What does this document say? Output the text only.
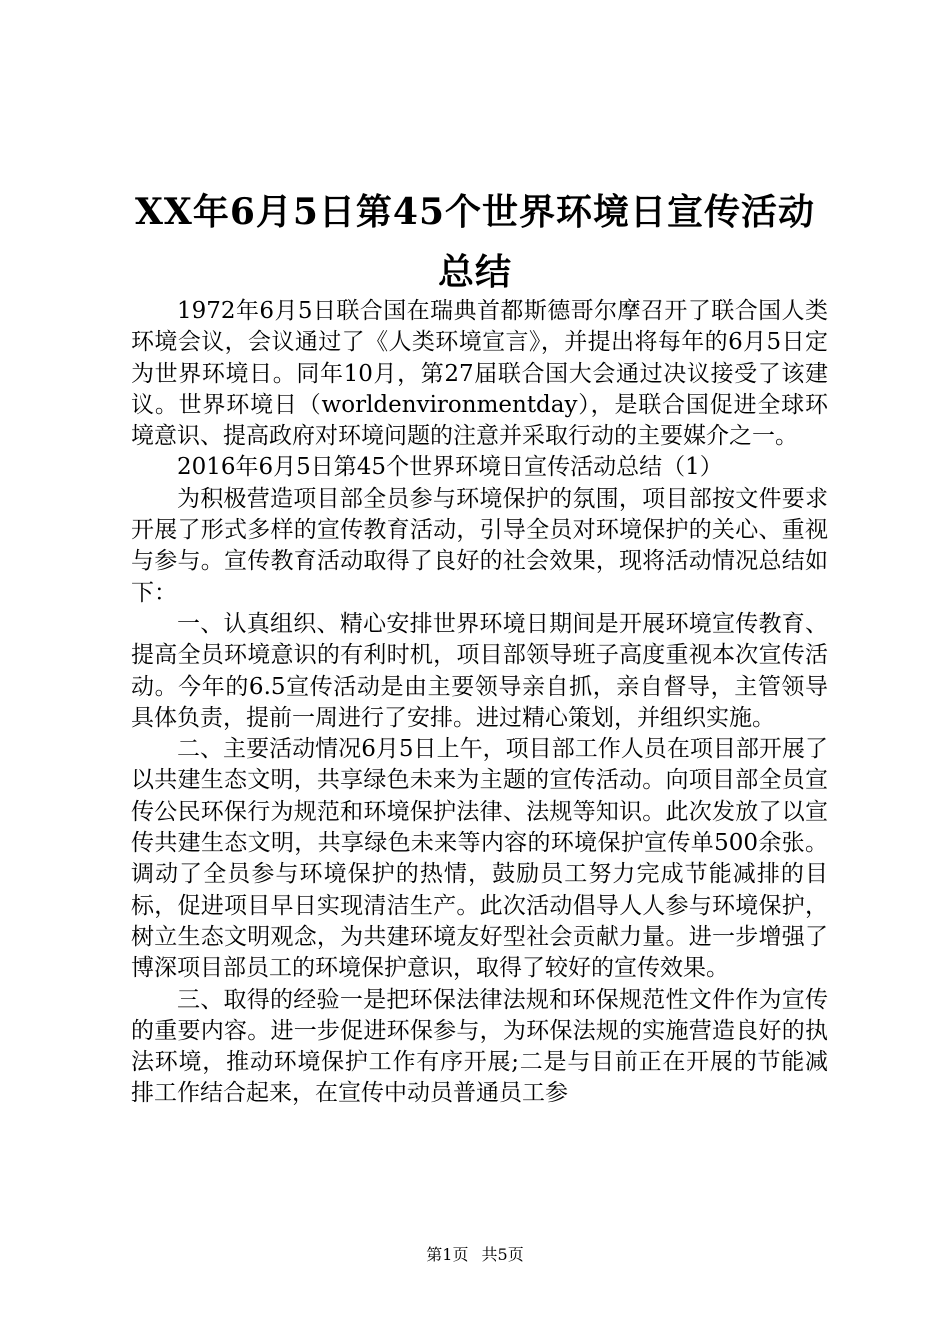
XX年6月5日第45个世界环境日宣传活动总结

1972年6月5日联合国在瑞典首都斯德哥尔摩召开了联合国人类环境会议，会议通过了《人类环境宣言》，并提出将每年的6月5日定为世界环境日。同年10月，第27届联合国大会通过决议接受了该建议。世界环境日（worldenvironmentday），是联合国促进全球环境意识、提高政府对环境问题的注意并采取行动的主要媒介之一。

2016年6月5日第45个世界环境日宣传活动总结（1）

为积极营造项目部全员参与环境保护的氛围，项目部按文件要求开展了形式多样的宣传教育活动，引导全员对环境保护的关心、重视与参与。宣传教育活动取得了良好的社会效果，现将活动情况总结如下：

一、认真组织、精心安排世界环境日期间是开展环境宣传教育、提高全员环境意识的有利时机，项目部领导班子高度重视本次宣传活动。今年的6.5宣传活动是由主要领导亲自抓，亲自督导，主管领导具体负责，提前一周进行了安排。进过精心策划，并组织实施。

二、主要活动情况6月5日上午，项目部工作人员在项目部开展了以共建生态文明，共享绿色未来为主题的宣传活动。向项目部全员宣传公民环保行为规范和环境保护法律、法规等知识。此次发放了以宣传共建生态文明，共享绿色未来等内容的环境保护宣传单500余张。调动了全员参与环境保护的热情，鼓励员工努力完成节能减排的目标，促进项目早日实现清洁生产。此次活动倡导人人参与环境保护，树立生态文明观念，为共建环境友好型社会贡献力量。进一步增强了博深项目部员工的环境保护意识，取得了较好的宣传效果。

三、取得的经验一是把环保法律法规和环保规范性文件作为宣传的重要内容。进一步促进环保参与，为环保法规的实施营造良好的执法环境，推动环境保护工作有序开展;二是与目前正在开展的节能减排工作结合起来，在宣传中动员普通员工参

第1页 共5页
